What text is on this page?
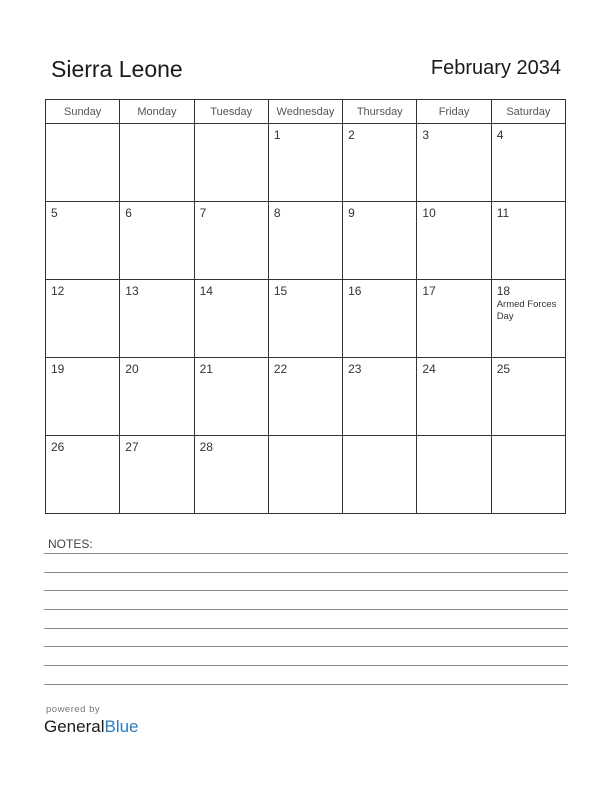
Sierra Leone	February 2034
Sunday	Monday	Tuesday	Wednesday	Thursday	Friday	Saturday

			1	2	3	4

5	6	7	8	9	10	11

12	13	14	15	16	17	18
Armed Forces Day

19	20	21	22	23	24	25

26	27	28				

NOTES:
powered by
GeneralBlue
